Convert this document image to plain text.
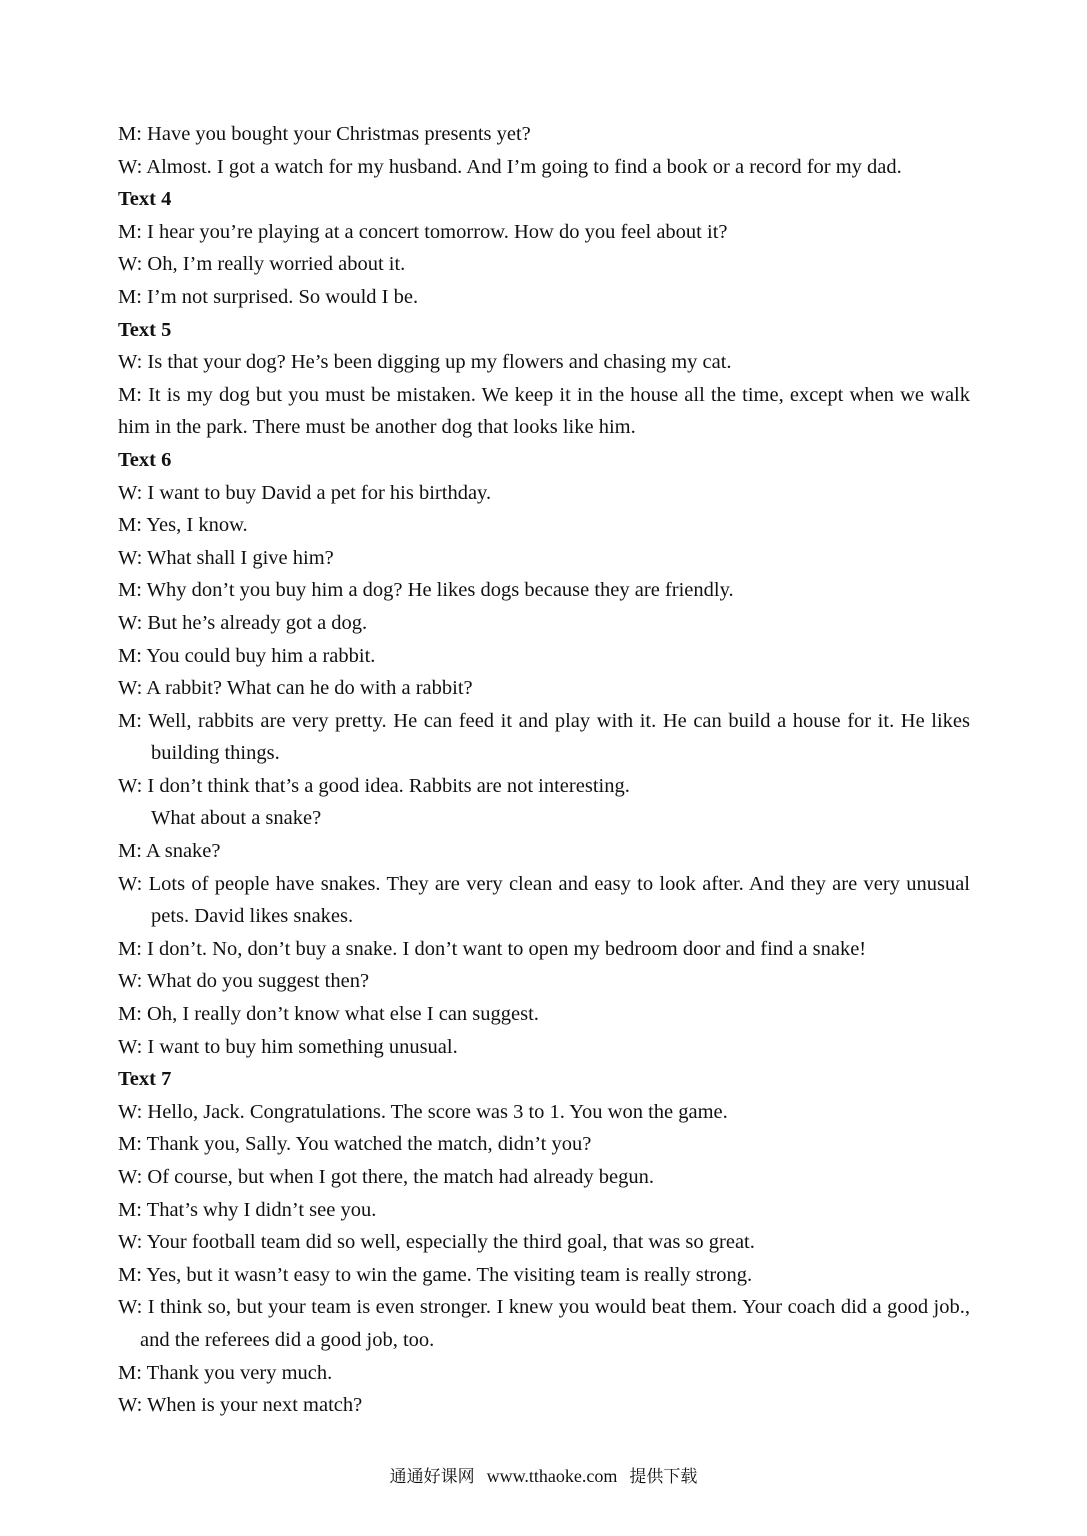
M: Have you bought your Christmas presents yet?

W: Almost. I got a watch for my husband. And I’m going to find a book or a record for my dad.

Text 4

M: I hear you’re playing at a concert tomorrow. How do you feel about it?

W: Oh, I’m really worried about it.

M: I’m not surprised. So would I be.

Text 5

W: Is that your dog? He’s been digging up my flowers and chasing my cat.

M: It is my dog but you must be mistaken. We keep it in the house all the time, except when we walk him in the park. There must be another dog that looks like him.

Text 6

W: I want to buy David a pet for his birthday.

M: Yes, I know.

W: What shall I give him?

M: Why don’t you buy him a dog? He likes dogs because they are friendly.

W: But he’s already got a dog.

M: You could buy him a rabbit.

W: A rabbit? What can he do with a rabbit?

M: Well, rabbits are very pretty. He can feed it and play with it. He can build a house for it. He likes building things.

W: I don’t think that’s a good idea. Rabbits are not interesting.

What about a snake?

M: A snake?

W: Lots of people have snakes. They are very clean and easy to look after. And they are very unusual pets. David likes snakes.

M: I don’t. No, don’t buy a snake. I don’t want to open my bedroom door and find a snake!

W: What do you suggest then?

M: Oh, I really don’t know what else I can suggest.

W: I want to buy him something unusual.

Text 7

W: Hello, Jack. Congratulations. The score was 3 to 1. You won the game.

M: Thank you, Sally. You watched the match, didn’t you?

W: Of course, but when I got there, the match had already begun.

M: That’s why I didn’t see you.

W: Your football team did so well, especially the third goal, that was so great.

M: Yes, but it wasn’t easy to win the game. The visiting team is really strong.

W: I think so, but your team is even stronger. I knew you would beat them. Your coach did a good job., and the referees did a good job, too.

M: Thank you very much.

W: When is your next match?

通通好课网 www.tthaoke.com 提供下载
